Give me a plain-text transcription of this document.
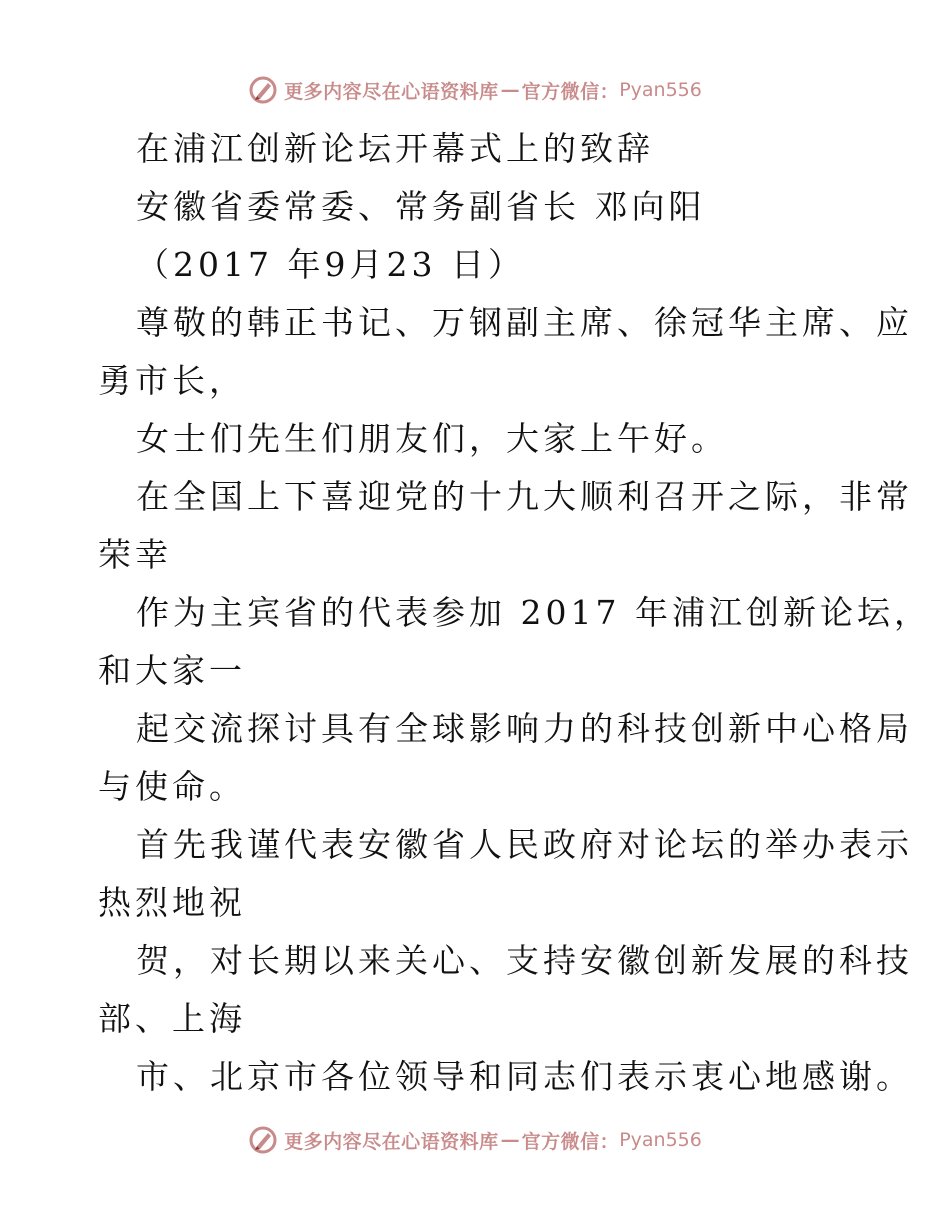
更多内容尽在心语资料库 — 官方微信： Pyan556
在浦江创新论坛开幕式上的致辞
安徽省委常委、常务副省长 邓向阳
（2017 年9月23 日）
尊敬的韩正书记、万钢副主席、徐冠华主席、应
勇市长，
女士们先生们朋友们，大家上午好。
在全国上下喜迎党的十九大顺利召开之际，非常
荣幸
作为主宾省的代表参加 2017 年浦江创新论坛，
和大家一
起交流探讨具有全球影响力的科技创新中心格局
与使命。
首先我谨代表安徽省人民政府对论坛的举办表示
热烈地祝
贺，对长期以来关心、支持安徽创新发展的科技
部、上海
市、北京市各位领导和同志们表示衷心地感谢。
更多内容尽在心语资料库 — 官方微信： Pyan556
